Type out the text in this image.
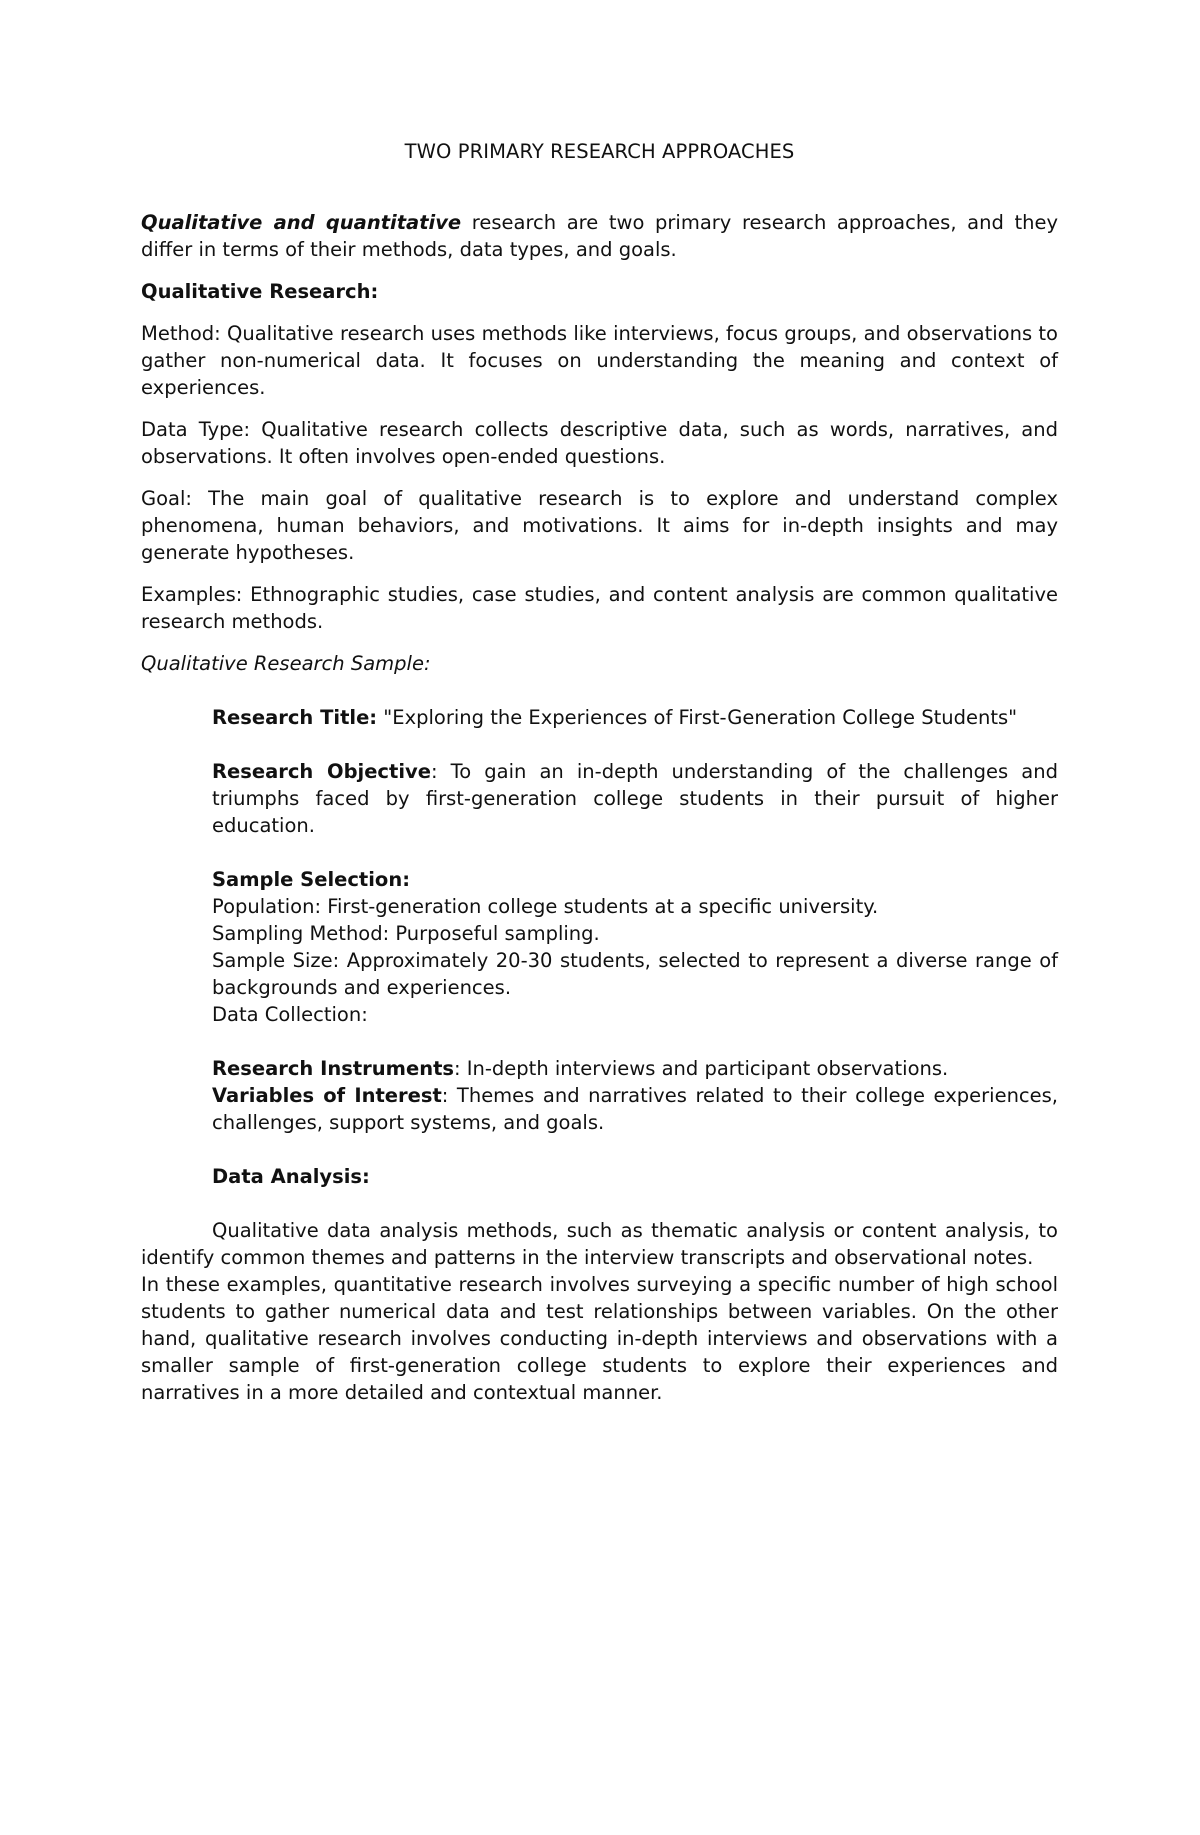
TWO PRIMARY RESEARCH APPROACHES

Qualitative and quantitative research are two primary research approaches, and they differ in terms of their methods, data types, and goals.

Qualitative Research:

Method: Qualitative research uses methods like interviews, focus groups, and observations to gather non-numerical data. It focuses on understanding the meaning and context of experiences.

Data Type: Qualitative research collects descriptive data, such as words, narratives, and observations. It often involves open-ended questions.

Goal: The main goal of qualitative research is to explore and understand complex phenomena, human behaviors, and motivations. It aims for in-depth insights and may generate hypotheses.

Examples: Ethnographic studies, case studies, and content analysis are common qualitative research methods.

Qualitative Research Sample:

Research Title: "Exploring the Experiences of First-Generation College Students"

Research Objective: To gain an in-depth understanding of the challenges and triumphs faced by first-generation college students in their pursuit of higher education.

Sample Selection:
Population: First-generation college students at a specific university.
Sampling Method: Purposeful sampling.
Sample Size: Approximately 20-30 students, selected to represent a diverse range of backgrounds and experiences.
Data Collection:
Research Instruments: In-depth interviews and participant observations.
Variables of Interest: Themes and narratives related to their college experiences, challenges, support systems, and goals.
Data Analysis:

Qualitative data analysis methods, such as thematic analysis or content analysis, to identify common themes and patterns in the interview transcripts and observational notes.

In these examples, quantitative research involves surveying a specific number of high school students to gather numerical data and test relationships between variables. On the other hand, qualitative research involves conducting in-depth interviews and observations with a smaller sample of first-generation college students to explore their experiences and narratives in a more detailed and contextual manner.
